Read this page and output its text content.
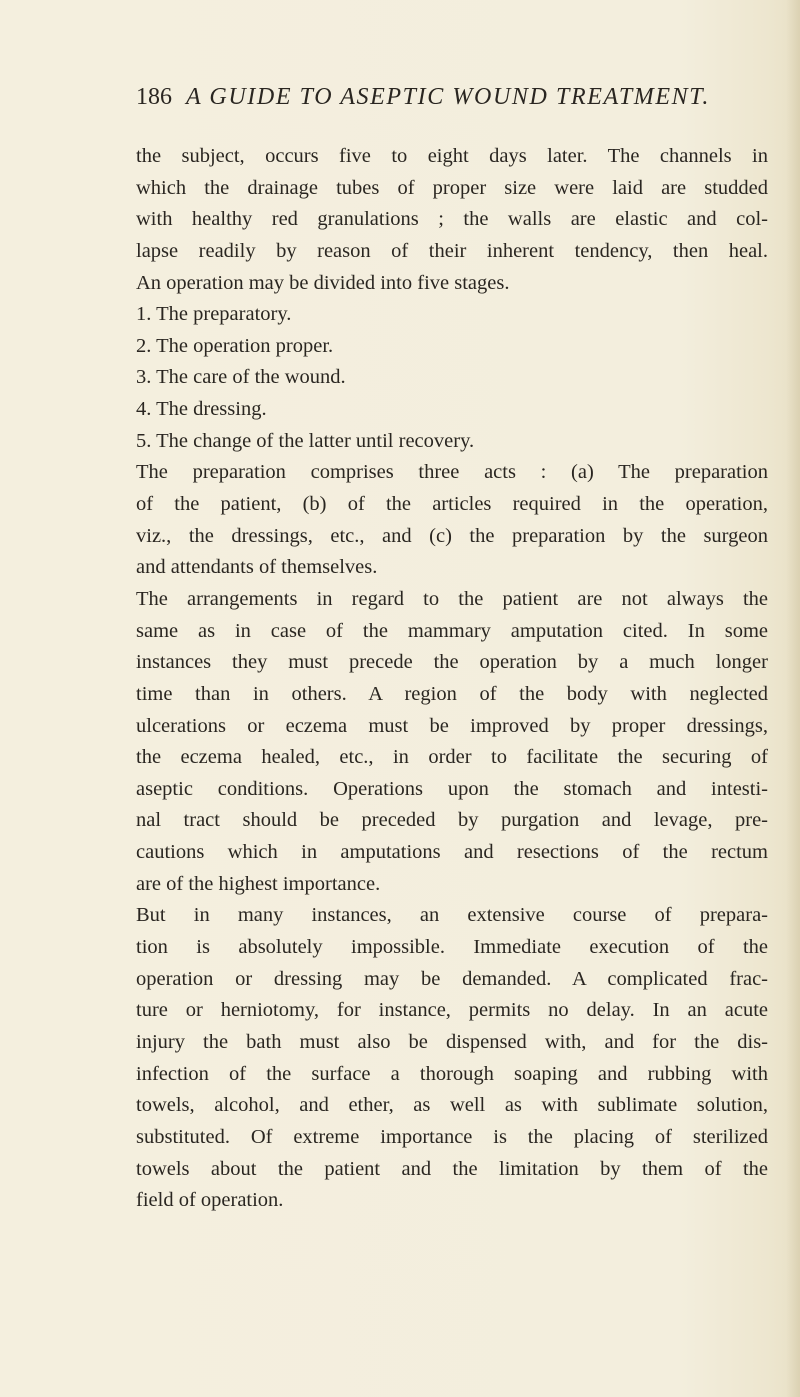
186 A GUIDE TO ASEPTIC WOUND TREATMENT.
the subject, occurs five to eight days later. The channels in
which the drainage tubes of proper size were laid are studded
with healthy red granulations ; the walls are elastic and col-
lapse readily by reason of their inherent tendency, then heal.
An operation may be divided into five stages.
1. The preparatory.
2. The operation proper.
3. The care of the wound.
4. The dressing.
5. The change of the latter until recovery.
The preparation comprises three acts : (a) The preparation
of the patient, (b) of the articles required in the operation,
viz., the dressings, etc., and (c) the preparation by the surgeon
and attendants of themselves.
The arrangements in regard to the patient are not always the
same as in case of the mammary amputation cited. In some
instances they must precede the operation by a much longer
time than in others. A region of the body with neglected
ulcerations or eczema must be improved by proper dressings,
the eczema healed, etc., in order to facilitate the securing of
aseptic conditions. Operations upon the stomach and intesti-
nal tract should be preceded by purgation and levage, pre-
cautions which in amputations and resections of the rectum
are of the highest importance.
But in many instances, an extensive course of prepara-
tion is absolutely impossible. Immediate execution of the
operation or dressing may be demanded. A complicated frac-
ture or herniotomy, for instance, permits no delay. In an acute
injury the bath must also be dispensed with, and for the dis-
infection of the surface a thorough soaping and rubbing with
towels, alcohol, and ether, as well as with sublimate solution,
substituted. Of extreme importance is the placing of sterilized
towels about the patient and the limitation by them of the
field of operation.
